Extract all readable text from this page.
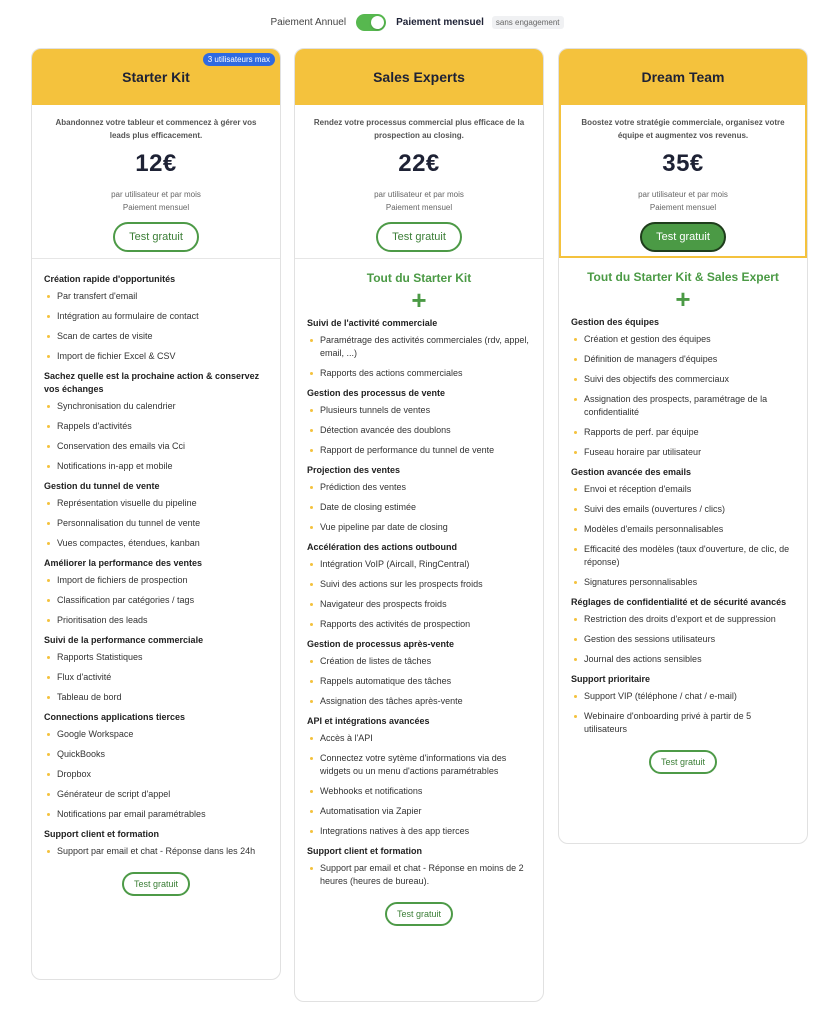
Paiement Annuel	Paiement mensuel	sans engagement
Starter Kit
3 utilisateurs max
Abandonnez votre tableur et commencez à gérer vos leads plus efficacement.
12€
par utilisateur et par mois
Paiement mensuel
Test gratuit
Création rapide d'opportunités
Par transfert d'email
Intégration au formulaire de contact
Scan de cartes de visite
Import de fichier Excel & CSV
Sachez quelle est la prochaine action & conservez vos échanges
Synchronisation du calendrier
Rappels d'activités
Conservation des emails via Cci
Notifications in-app et mobile
Gestion du tunnel de vente
Représentation visuelle du pipeline
Personnalisation du tunnel de vente
Vues compactes, étendues, kanban
Améliorer la performance des ventes
Import de fichiers de prospection
Classification par catégories / tags
Prioritisation des leads
Suivi de la performance commerciale
Rapports Statistiques
Flux d'activité
Tableau de bord
Connections applications tierces
Google Workspace
QuickBooks
Dropbox
Générateur de script d'appel
Notifications par email paramétrables
Support client et formation
Support par email et chat - Réponse dans les 24h
Test gratuit
Sales Experts
Rendez votre processus commercial plus efficace de la prospection au closing.
22€
par utilisateur et par mois
Paiement mensuel
Test gratuit
Tout du Starter Kit
+
Suivi de l'activité commerciale
Paramétrage des activités commerciales (rdv, appel, email, ...)
Rapports des actions commerciales
Gestion des processus de vente
Plusieurs tunnels de ventes
Détection avancée des doublons
Rapport de performance du tunnel de vente
Projection des ventes
Prédiction des ventes
Date de closing estimée
Vue pipeline par date de closing
Accélération des actions outbound
Intégration VoIP (Aircall, RingCentral)
Suivi des actions sur les prospects froids
Navigateur des prospects froids
Rapports des activités de prospection
Gestion de processus après-vente
Création de listes de tâches
Rappels automatique des tâches
Assignation des tâches après-vente
API et intégrations avancées
Accès à l'API
Connectez votre sytème d'informations via des widgets ou un menu d'actions paramétrables
Webhooks et notifications
Automatisation via Zapier
Integrations natives à des app tierces
Support client et formation
Support par email et chat - Réponse en moins de 2 heures (heures de bureau).
Test gratuit
Dream Team
Boostez votre stratégie commerciale, organisez votre équipe et augmentez vos revenus.
35€
par utilisateur et par mois
Paiement mensuel
Test gratuit
Tout du Starter Kit & Sales Expert
+
Gestion des équipes
Création et gestion des équipes
Définition de managers d'équipes
Suivi des objectifs des commerciaux
Assignation des prospects, paramétrage de la confidentialité
Rapports de perf. par équipe
Fuseau horaire par utilisateur
Gestion avancée des emails
Envoi et réception d'emails
Suivi des emails (ouvertures / clics)
Modèles d'emails personnalisables
Efficacité des modèles (taux d'ouverture, de clic, de réponse)
Signatures personnalisables
Réglages de confidentialité et de sécurité avancés
Restriction des droits d'export et de suppression
Gestion des sessions utilisateurs
Journal des actions sensibles
Support prioritaire
Support VIP (téléphone / chat / e-mail)
Webinaire d'onboarding privé à partir de 5 utilisateurs
Test gratuit
